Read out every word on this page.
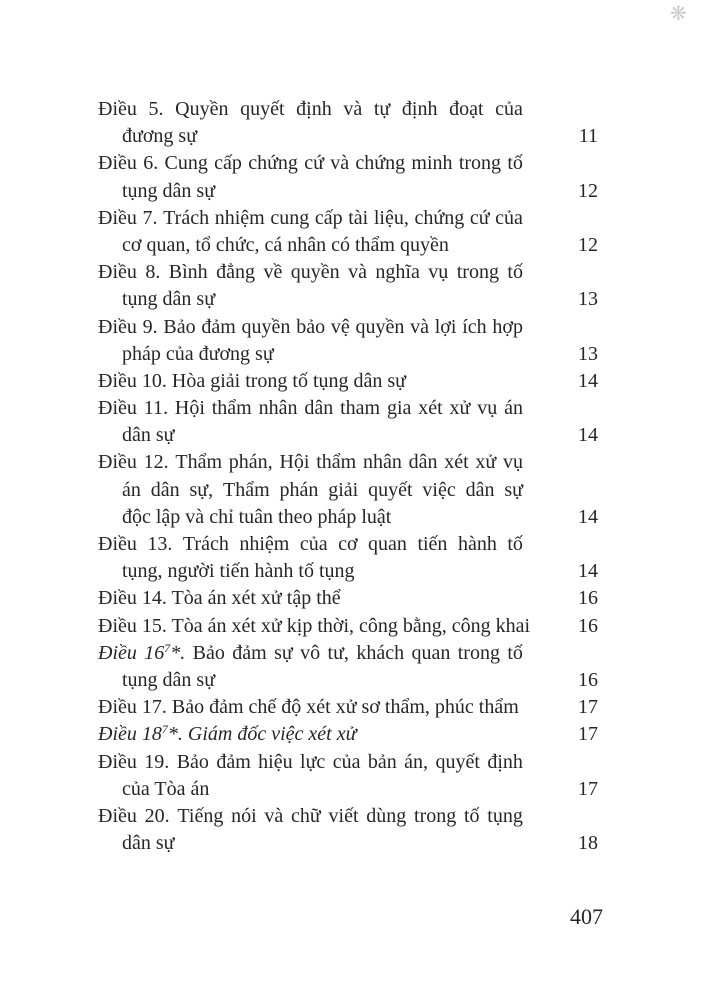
❋
Điều 5. Quyền quyết định và tự định đoạt của
đương sự	11
Điều 6. Cung cấp chứng cứ và chứng minh trong tố
tụng dân sự	12
Điều 7. Trách nhiệm cung cấp tài liệu, chứng cứ của
cơ quan, tổ chức, cá nhân có thẩm quyền	12
Điều 8. Bình đẳng về quyền và nghĩa vụ trong tố
tụng dân sự	13
Điều 9. Bảo đảm quyền bảo vệ quyền và lợi ích hợp
pháp của đương sự	13
Điều 10. Hòa giải trong tố tụng dân sự	14
Điều 11. Hội thẩm nhân dân tham gia xét xử vụ án
dân sự	14
Điều 12. Thẩm phán, Hội thẩm nhân dân xét xử vụ
án dân sự, Thẩm phán giải quyết việc dân sự
độc lập và chỉ tuân theo pháp luật	14
Điều 13. Trách nhiệm của cơ quan tiến hành tố
tụng, người tiến hành tố tụng	14
Điều 14. Tòa án xét xử tập thể	16
Điều 15. Tòa án xét xử kịp thời, công bằng, công khai	16
Điều $16^7*$. Bảo đảm sự vô tư, khách quan trong tố
tụng dân sự	16
Điều 17. Bảo đảm chế độ xét xử sơ thẩm, phúc thẩm	17
Điều $18^7*$. Giám đốc việc xét xử	17
Điều 19. Bảo đảm hiệu lực của bản án, quyết định
của Tòa án	17
Điều 20. Tiếng nói và chữ viết dùng trong tố tụng
dân sự	18
407
